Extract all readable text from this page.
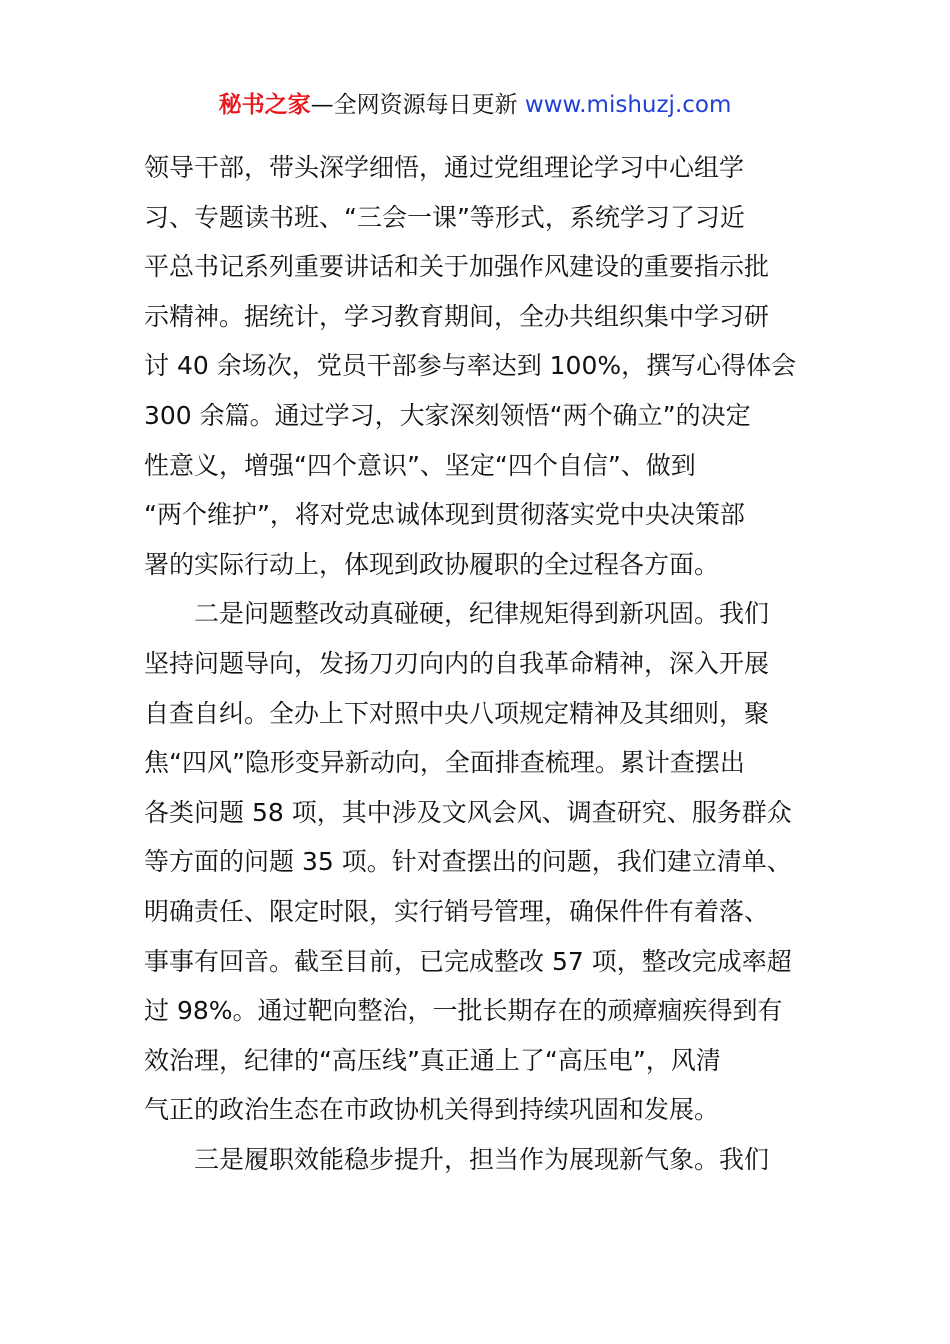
秘书之家—全网资源每日更新 www.mishuzj.com
领导干部，带头深学细悟，通过党组理论学习中心组学
习、专题读书班、“三会一课”等形式，系统学习了习近
平总书记系列重要讲话和关于加强作风建设的重要指示批
示精神。据统计，学习教育期间，全办共组织集中学习研
讨 40 余场次，党员干部参与率达到 100%，撰写心得体会
300 余篇。通过学习，大家深刻领悟“两个确立”的决定
性意义，增强“四个意识”、坚定“四个自信”、做到
“两个维护”，将对党忠诚体现到贯彻落实党中央决策部
署的实际行动上，体现到政协履职的全过程各方面。
二是问题整改动真碰硬，纪律规矩得到新巩固。我们
坚持问题导向，发扬刀刃向内的自我革命精神，深入开展
自查自纠。全办上下对照中央八项规定精神及其细则，聚
焦“四风”隐形变异新动向，全面排查梳理。累计查摆出
各类问题 58 项，其中涉及文风会风、调查研究、服务群众
等方面的问题 35 项。针对查摆出的问题，我们建立清单、
明确责任、限定时限，实行销号管理，确保件件有着落、
事事有回音。截至目前，已完成整改 57 项，整改完成率超
过 98%。通过靶向整治，一批长期存在的顽瘴痼疾得到有
效治理，纪律的“高压线”真正通上了“高压电”，风清
气正的政治生态在市政协机关得到持续巩固和发展。
三是履职效能稳步提升，担当作为展现新气象。我们
